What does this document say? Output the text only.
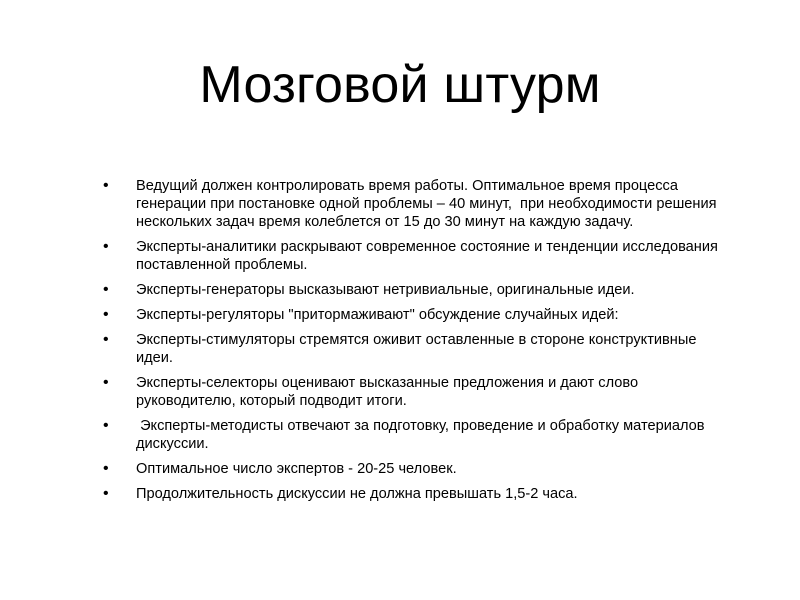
Мозговой штурм
•	Ведущий должен контролировать время работы. Оптимальное время процесса генерации при постановке одной проблемы – 40 минут,  при необходимости решения нескольких задач время колеблется от 15 до 30 минут на каждую задачу.
•	Эксперты-аналитики раскрывают современное состояние и тенденции исследования поставленной проблемы.
•	Эксперты-генераторы высказывают нетривиальные, оригинальные идеи.
•	Эксперты-регуляторы "притормаживают" обсуждение случайных идей:
•	Эксперты-стимуляторы стремятся оживит оставленные в стороне конструктивные идеи.
•	Эксперты-селекторы оценивают высказанные предложения и дают слово руководителю, который подводит итоги.
•	Эксперты-методисты отвечают за подготовку, проведение и обработку материалов дискуссии.
•	Оптимальное число экспертов - 20-25 человек.
•	Продолжительность дискуссии не должна превышать 1,5-2 часа.
